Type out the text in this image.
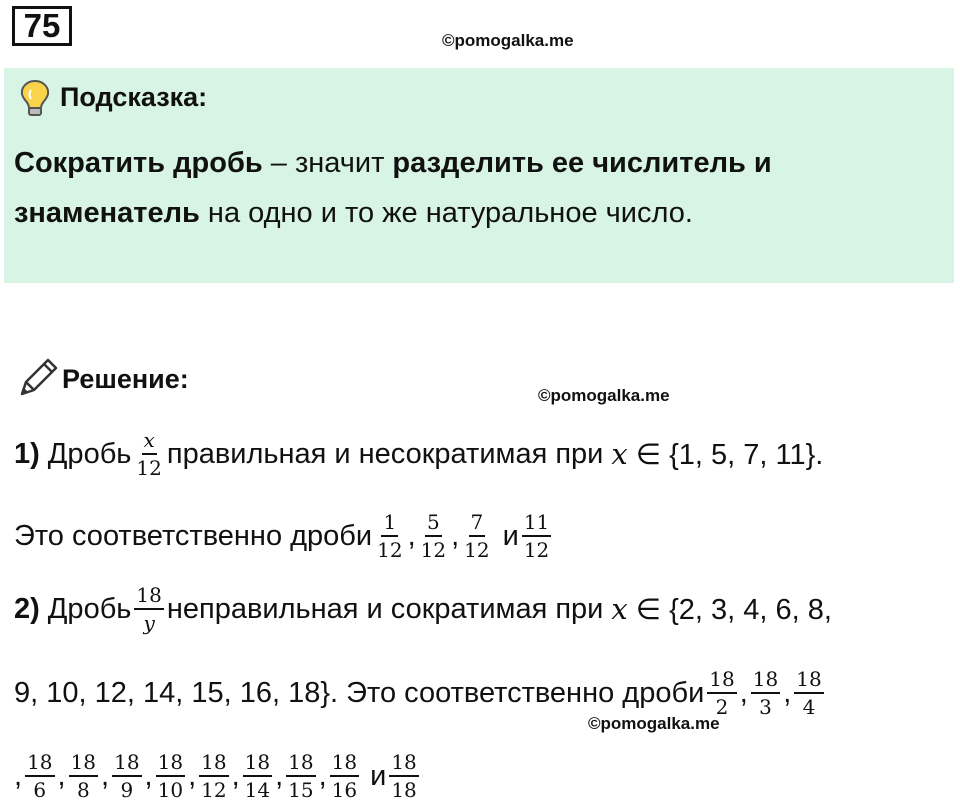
75	©pomogalka.me
Подсказка:
Сократить дробь – значит разделить ее числитель и
знаменатель на одно и то же натуральное число.
Решение:
©pomogalka.me
1) Дробь $\frac{x}{12}$ правильная и несократимая при x ∈ {1, 5, 7, 11}.
Это соответственно дроби $\frac{1}{12}$ , $\frac{5}{12}$ , $\frac{7}{12}$ и $\frac{11}{12}$
2) Дробь $\frac{18}{y}$ неправильная и сократимая при x ∈ {2, 3, 4, 6, 8,
9, 10, 12, 14, 15, 16, 18}. Это соответственно дроби $\frac{18}{2}$ , $\frac{18}{3}$ , $\frac{18}{4}$
©pomogalka.me
, $\frac{18}{6}$ , $\frac{18}{8}$ , $\frac{18}{9}$ , $\frac{18}{10}$ , $\frac{18}{12}$ , $\frac{18}{14}$ , $\frac{18}{15}$ , $\frac{18}{16}$ и $\frac{18}{18}$
